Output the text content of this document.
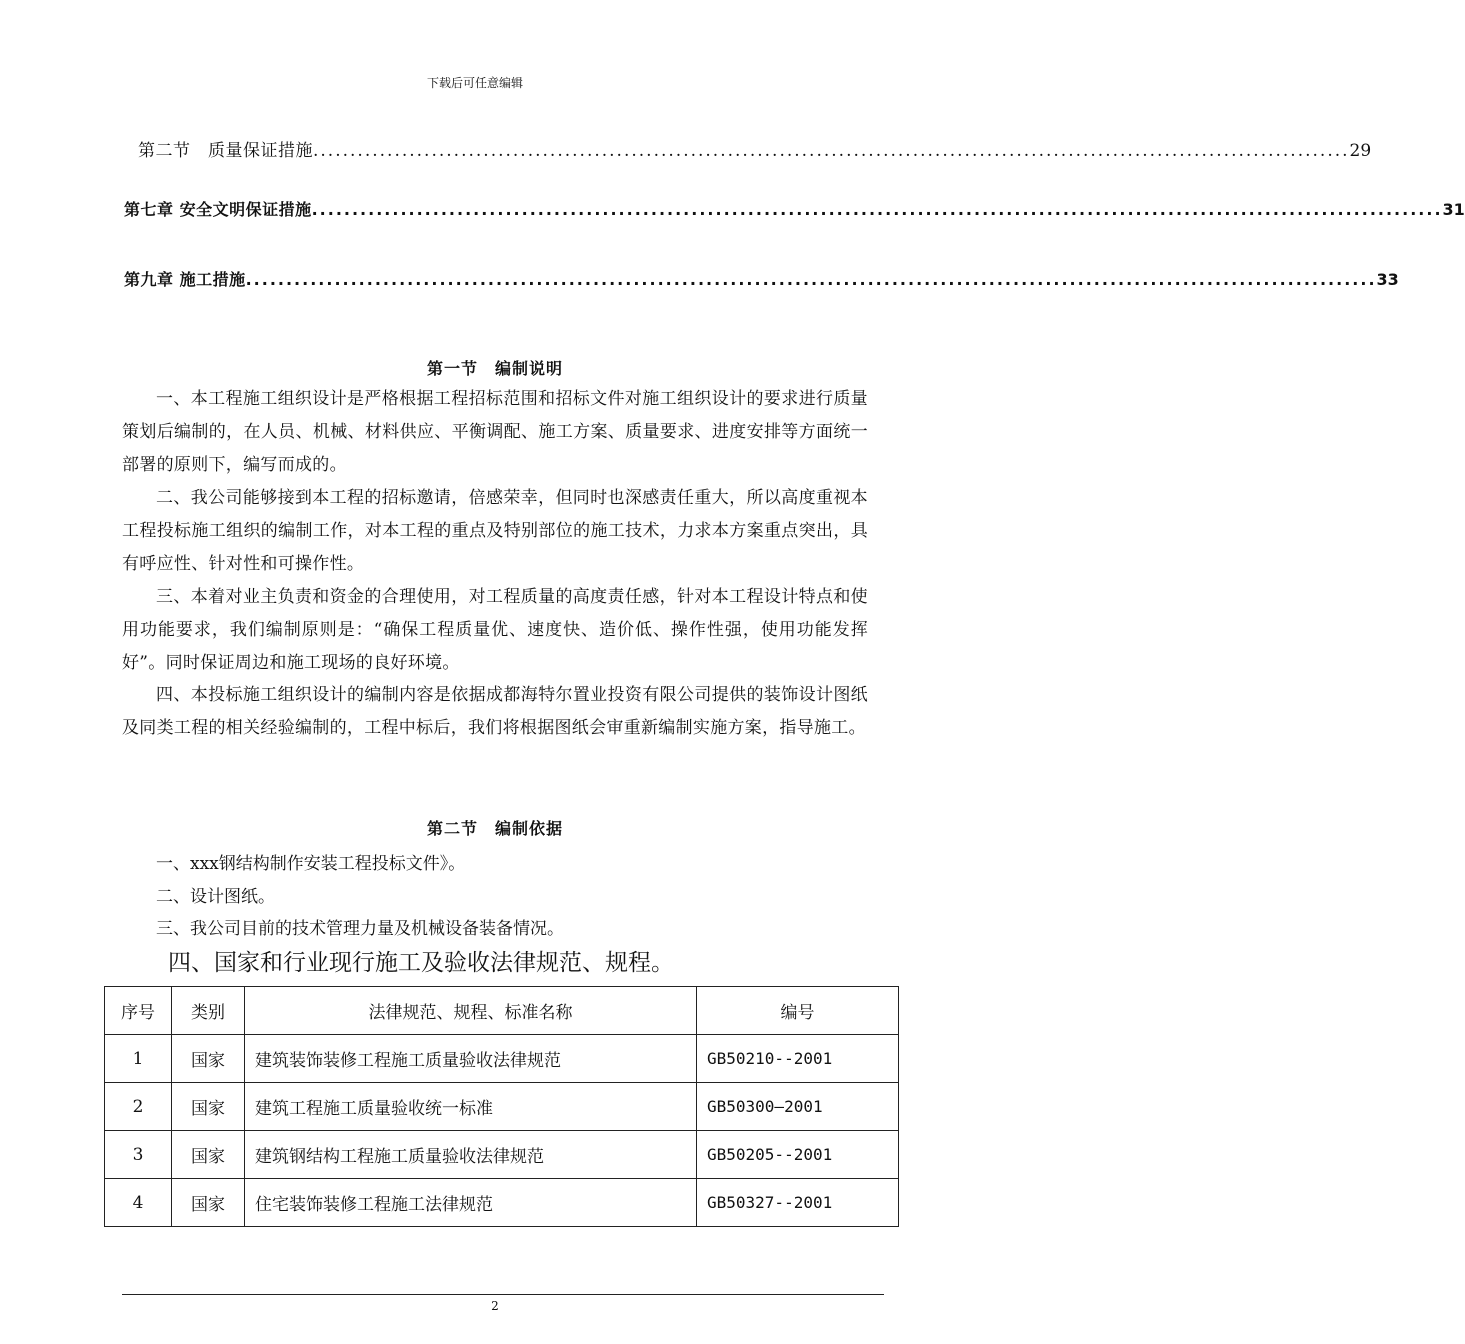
下载后可任意编辑
第二节　质量保证措施 ............................................................................................................................................ 29
第七章 安全文明保证措施 ............................................................................................................................................ 31
第九章 施工措施 ............................................................................................................................................ 33
第一节　编制说明
一、本工程施工组织设计是严格根据工程招标范围和招标文件对施工组织设计的要求进行质量策划后编制的，在人员、机械、材料供应、平衡调配、施工方案、质量要求、进度安排等方面统一部署的原则下，编写而成的。
二、我公司能够接到本工程的招标邀请，倍感荣幸，但同时也深感责任重大，所以高度重视本工程投标施工组织的编制工作，对本工程的重点及特别部位的施工技术，力求本方案重点突出，具有呼应性、针对性和可操作性。
三、本着对业主负责和资金的合理使用，对工程质量的高度责任感，针对本工程设计特点和使用功能要求，我们编制原则是：“确保工程质量优、速度快、造价低、操作性强，使用功能发挥好”。同时保证周边和施工现场的良好环境。
四、本投标施工组织设计的编制内容是依据成都海特尔置业投资有限公司提供的装饰设计图纸及同类工程的相关经验编制的，工程中标后，我们将根据图纸会审重新编制实施方案，指导施工。
第二节　编制依据
一、xxx钢结构制作安装工程投标文件》。
二、设计图纸。
三、我公司目前的技术管理力量及机械设备装备情况。
四、国家和行业现行施工及验收法律规范、规程。
序号	类别	法律规范、规程、标准名称	编号
1	国家	建筑装饰装修工程施工质量验收法律规范	GB50210--2001
2	国家	建筑工程施工质量验收统一标准	GB50300—2001
3	国家	建筑钢结构工程施工质量验收法律规范	GB50205--2001
4	国家	住宅装饰装修工程施工法律规范	GB50327--2001
2
